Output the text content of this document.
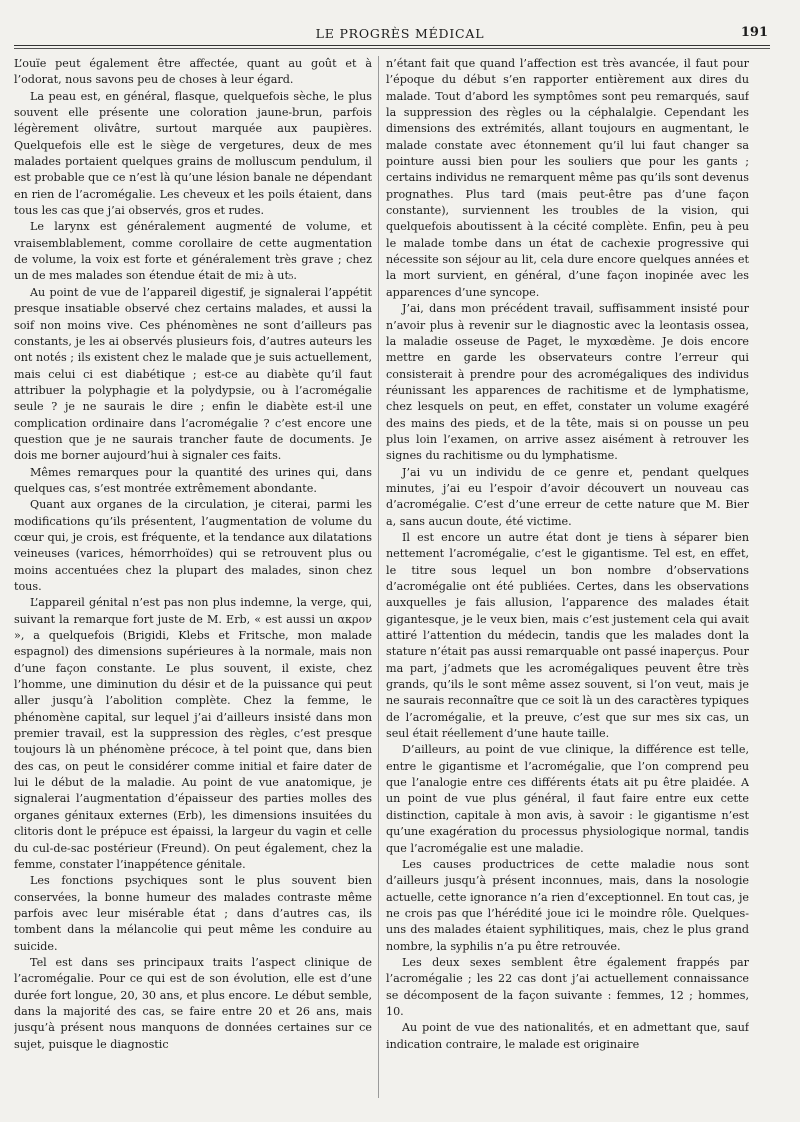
LE PROGRÈS MÉDICAL	191

L’ouïe peut également être affectée, quant au goût et à l’odorat, nous savons peu de choses à leur égard.

La peau est, en général, flasque, quelquefois sèche, le plus souvent elle présente une coloration jaune-brun, parfois légèrement olivâtre, surtout marquée aux paupières. Quelquefois elle est le siège de vergetures, deux de mes malades portaient quelques grains de molluscum pendulum, il est probable que ce n’est là qu’une lésion banale ne dépendant en rien de l’acromégalie. Les cheveux et les poils étaient, dans tous les cas que j’ai observés, gros et rudes.

Le larynx est généralement augmenté de volume, et vraisemblablement, comme corollaire de cette augmentation de volume, la voix est forte et généralement très grave ; chez un de mes malades son étendue était de mi₂ à ut₅.

Au point de vue de l’appareil digestif, je signalerai l’appétit presque insatiable observé chez certains malades, et aussi la soif non moins vive. Ces phénomènes ne sont d’ailleurs pas constants, je les ai observés plusieurs fois, d’autres auteurs les ont notés ; ils existent chez le malade que je suis actuellement, mais celui ci est diabétique ; est-ce au diabète qu’il faut attribuer la polyphagie et la polydypsie, ou à l’acromégalie seule ? je ne saurais le dire ; enfin le diabète est-il une complication ordinaire dans l’acromégalie ? c’est encore une question que je ne saurais trancher faute de documents. Je dois me borner aujourd’hui à signaler ces faits.

Mêmes remarques pour la quantité des urines qui, dans quelques cas, s’est montrée extrêmement abondante.

Quant aux organes de la circulation, je citerai, parmi les modifications qu’ils présentent, l’augmentation de volume du cœur qui, je crois, est fréquente, et la tendance aux dilatations veineuses (varices, hémorrhoïdes) qui se retrouvent plus ou moins accentuées chez la plupart des malades, sinon chez tous.

L’appareil génital n’est pas non plus indemne, la verge, qui, suivant la remarque fort juste de M. Erb, « est aussi un ακρον », a quelquefois (Brigidi, Klebs et Fritsche, mon malade espagnol) des dimensions supérieures à la normale, mais non d’une façon constante. Le plus souvent, il existe, chez l’homme, une diminution du désir et de la puissance qui peut aller jusqu’à l’abolition complète. Chez la femme, le phénomène capital, sur lequel j’ai d’ailleurs insisté dans mon premier travail, est la suppression des règles, c’est presque toujours là un phénomène précoce, à tel point que, dans bien des cas, on peut le considérer comme initial et faire dater de lui le début de la maladie. Au point de vue anatomique, je signalerai l’augmentation d’épaisseur des parties molles des organes génitaux externes (Erb), les dimensions insuitées du clitoris dont le prépuce est épaissi, la largeur du vagin et celle du cul-de-sac postérieur (Freund). On peut également, chez la femme, constater l’inappétence génitale.

Les fonctions psychiques sont le plus souvent bien conservées, la bonne humeur des malades contraste même parfois avec leur misérable état ; dans d’autres cas, ils tombent dans la mélancolie qui peut même les conduire au suicide.

Tel est dans ses principaux traits l’aspect clinique de l’acromégalie. Pour ce qui est de son évolution, elle est d’une durée fort longue, 20, 30 ans, et plus encore. Le début semble, dans la majorité des cas, se faire entre 20 et 26 ans, mais jusqu’à présent nous manquons de données certaines sur ce sujet, puisque le diagnostic

n’étant fait que quand l’affection est très avancée, il faut pour l’époque du début s’en rapporter entièrement aux dires du malade. Tout d’abord les symptômes sont peu remarqués, sauf la suppression des règles ou la céphalalgie. Cependant les dimensions des extrémités, allant toujours en augmentant, le malade constate avec étonnement qu’il lui faut changer sa pointure aussi bien pour les souliers que pour les gants ; certains individus ne remarquent même pas qu’ils sont devenus prognathes. Plus tard (mais peut-être pas d’une façon constante), surviennent les troubles de la vision, qui quelquefois aboutissent à la cécité complète. Enfin, peu à peu le malade tombe dans un état de cachexie progressive qui nécessite son séjour au lit, cela dure encore quelques années et la mort survient, en général, d’une façon inopinée avec les apparences d’une syncope.

J’ai, dans mon précédent travail, suffisamment insisté pour n’avoir plus à revenir sur le diagnostic avec la leontasis ossea, la maladie osseuse de Paget, le myxœdème. Je dois encore mettre en garde les observateurs contre l’erreur qui consisterait à prendre pour des acromégaliques des individus réunissant les apparences de rachitisme et de lymphatisme, chez lesquels on peut, en effet, constater un volume exagéré des mains des pieds, et de la tête, mais si on pousse un peu plus loin l’examen, on arrive assez aisément à retrouver les signes du rachitisme ou du lymphatisme.

J’ai vu un individu de ce genre et, pendant quelques minutes, j’ai eu l’espoir d’avoir découvert un nouveau cas d’acromégalie. C’est d’une erreur de cette nature que M. Bier a, sans aucun doute, été victime.

Il est encore un autre état dont je tiens à séparer bien nettement l’acromégalie, c’est le gigantisme. Tel est, en effet, le titre sous lequel un bon nombre d’observations d’acromégalie ont été publiées. Certes, dans les observations auxquelles je fais allusion, l’apparence des malades était gigantesque, je le veux bien, mais c’est justement cela qui avait attiré l’attention du médecin, tandis que les malades dont la stature n’était pas aussi remarquable ont passé inaperçus. Pour ma part, j’admets que les acromégaliques peuvent être très grands, qu’ils le sont même assez souvent, si l’on veut, mais je ne saurais reconnaître que ce soit là un des caractères typiques de l’acromégalie, et la preuve, c’est que sur mes six cas, un seul était réellement d’une haute taille.

D’ailleurs, au point de vue clinique, la différence est telle, entre le gigantisme et l’acromégalie, que l’on comprend peu que l’analogie entre ces différents états ait pu être plaidée. A un point de vue plus général, il faut faire entre eux cette distinction, capitale à mon avis, à savoir : le gigantisme n’est qu’une exagération du processus physiologique normal, tandis que l’acromégalie est une maladie.

Les causes productrices de cette maladie nous sont d’ailleurs jusqu’à présent inconnues, mais, dans la nosologie actuelle, cette ignorance n’a rien d’exceptionnel. En tout cas, je ne crois pas que l’hérédité joue ici le moindre rôle. Quelques-uns des malades étaient syphilitiques, mais, chez le plus grand nombre, la syphilis n’a pu être retrouvée.

Les deux sexes semblent être également frappés par l’acromégalie ; les 22 cas dont j’ai actuellement connaissance se décomposent de la façon suivante : femmes, 12 ; hommes, 10.

Au point de vue des nationalités, et en admettant que, sauf indication contraire, le malade est originaire
